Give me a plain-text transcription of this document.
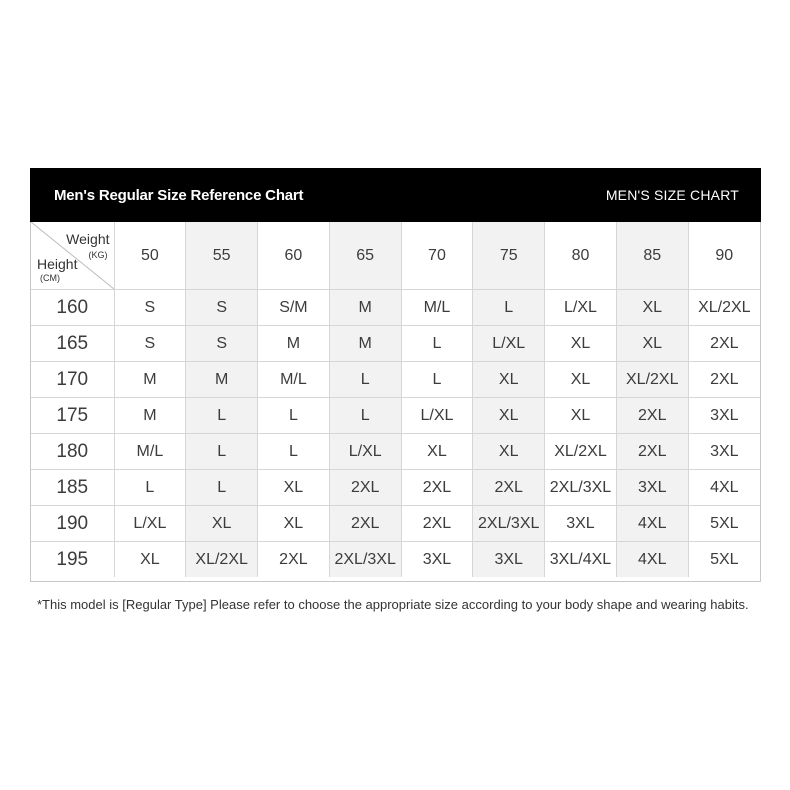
Men's Regular Size Reference Chart	MEN'S SIZE CHART
Weight
(KG)
Height
(CM)	50	55	60	65	70	75	80	85	90
160	S	S	S/M	M	M/L	L	L/XL	XL	XL/2XL
165	S	S	M	M	L	L/XL	XL	XL	2XL
170	M	M	M/L	L	L	XL	XL	XL/2XL	2XL
175	M	L	L	L	L/XL	XL	XL	2XL	3XL
180	M/L	L	L	L/XL	XL	XL	XL/2XL	2XL	3XL
185	L	L	XL	2XL	2XL	2XL	2XL/3XL	3XL	4XL
190	L/XL	XL	XL	2XL	2XL	2XL/3XL	3XL	4XL	5XL
195	XL	XL/2XL	2XL	2XL/3XL	3XL	3XL	3XL/4XL	4XL	5XL
*This model is [Regular Type] Please refer to choose the appropriate size according to your body shape and wearing habits.
